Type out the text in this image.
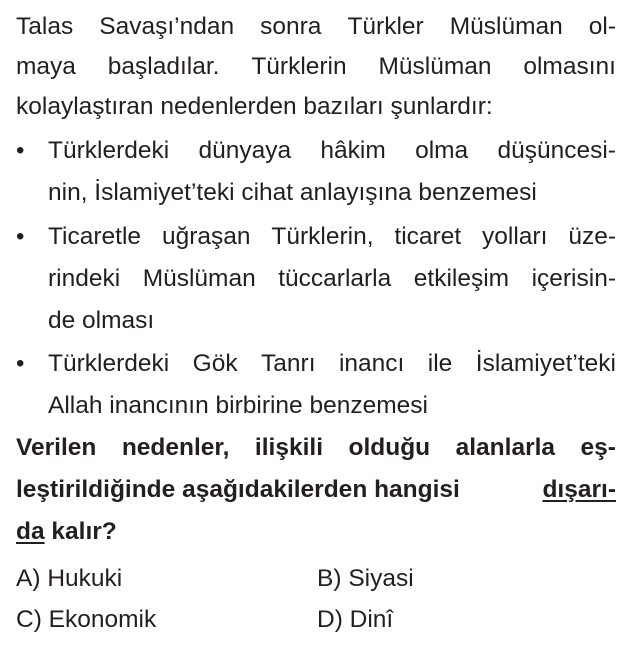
Talas Savaşı’ndan sonra Türkler Müslüman ol-
maya başladılar. Türklerin Müslüman olmasını
kolaylaştıran nedenlerden bazıları şunlardır:
• Türklerdeki dünyaya hâkim olma düşüncesi-
nin, İslamiyet’teki cihat anlayışına benzemesi
• Ticaretle uğraşan Türklerin, ticaret yolları üze-
rindeki Müslüman tüccarlarla etkileşim içerisin-
de olması
• Türklerdeki Gök Tanrı inancı ile İslamiyet’teki
Allah inancının birbirine benzemesi
Verilen nedenler, ilişkili olduğu alanlarla eş-
leştirildiğinde aşağıdakilerden hangisi	dışarı-
da kalır?
A) Hukuki	B) Siyasi
C) Ekonomik	D) Dinî
